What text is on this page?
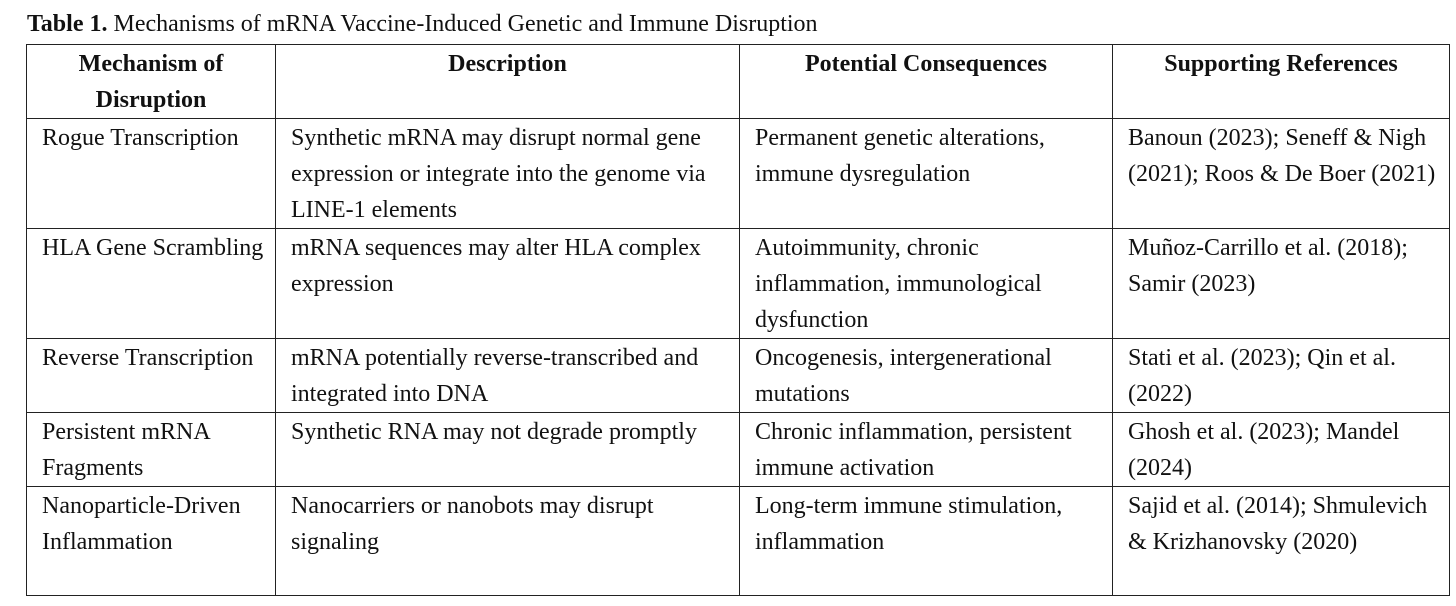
Table 1. Mechanisms of mRNA Vaccine-Induced Genetic and Immune Disruption
Mechanism of Disruption	Description	Potential Consequences	Supporting References
Rogue Transcription	Synthetic mRNA may disrupt normal gene expression or integrate into the genome via LINE-1 elements	Permanent genetic alterations, immune dysregulation	Banoun (2023); Seneff & Nigh (2021); Roos & De Boer (2021)
HLA Gene Scrambling	mRNA sequences may alter HLA complex expression	Autoimmunity, chronic inflammation, immunological dysfunction	Muñoz-Carrillo et al. (2018); Samir (2023)
Reverse Transcription	mRNA potentially reverse-transcribed and integrated into DNA	Oncogenesis, intergenerational mutations	Stati et al. (2023); Qin et al. (2022)
Persistent mRNA Fragments	Synthetic RNA may not degrade promptly	Chronic inflammation, persistent immune activation	Ghosh et al. (2023); Mandel (2024)
Nanoparticle-Driven Inflammation	Nanocarriers or nanobots may disrupt signaling	Long-term immune stimulation, inflammation	Sajid et al. (2014); Shmulevich & Krizhanovsky (2020)
